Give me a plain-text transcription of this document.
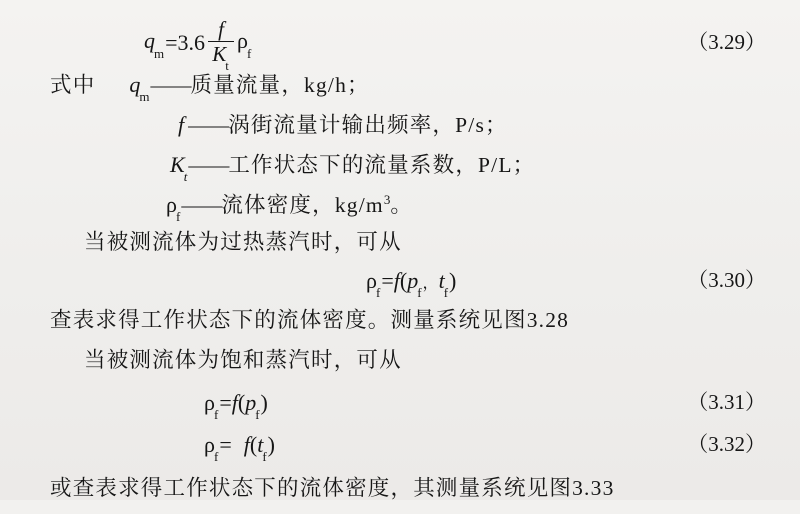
$q_m = 3.6 \frac{f}{K_t} \rho_f$	（3.29）
式中 $q_m$ —— 质量流量，kg/h；
f —— 涡街流量计输出频率，P/s；
$K_t$ —— 工作状态下的流量系数，P/L；
$\rho_f$ —— 流体密度，kg/m 3 。
当被测流体为过热蒸汽时，可从
$\rho_f = f$ ( $p_f$
， $t_f$ )	（3.30）
查表求得工作状态下的流体密度。测量系统见图3.28
当被测流体为饱和蒸汽时，可从
$\rho_f = f$ ( $p_f$ )	（3.31）
$\rho_f = f$ ( $t_f$ )	（3.32）
或查表求得工作状态下的流体密度，其测量系统见图3.33
